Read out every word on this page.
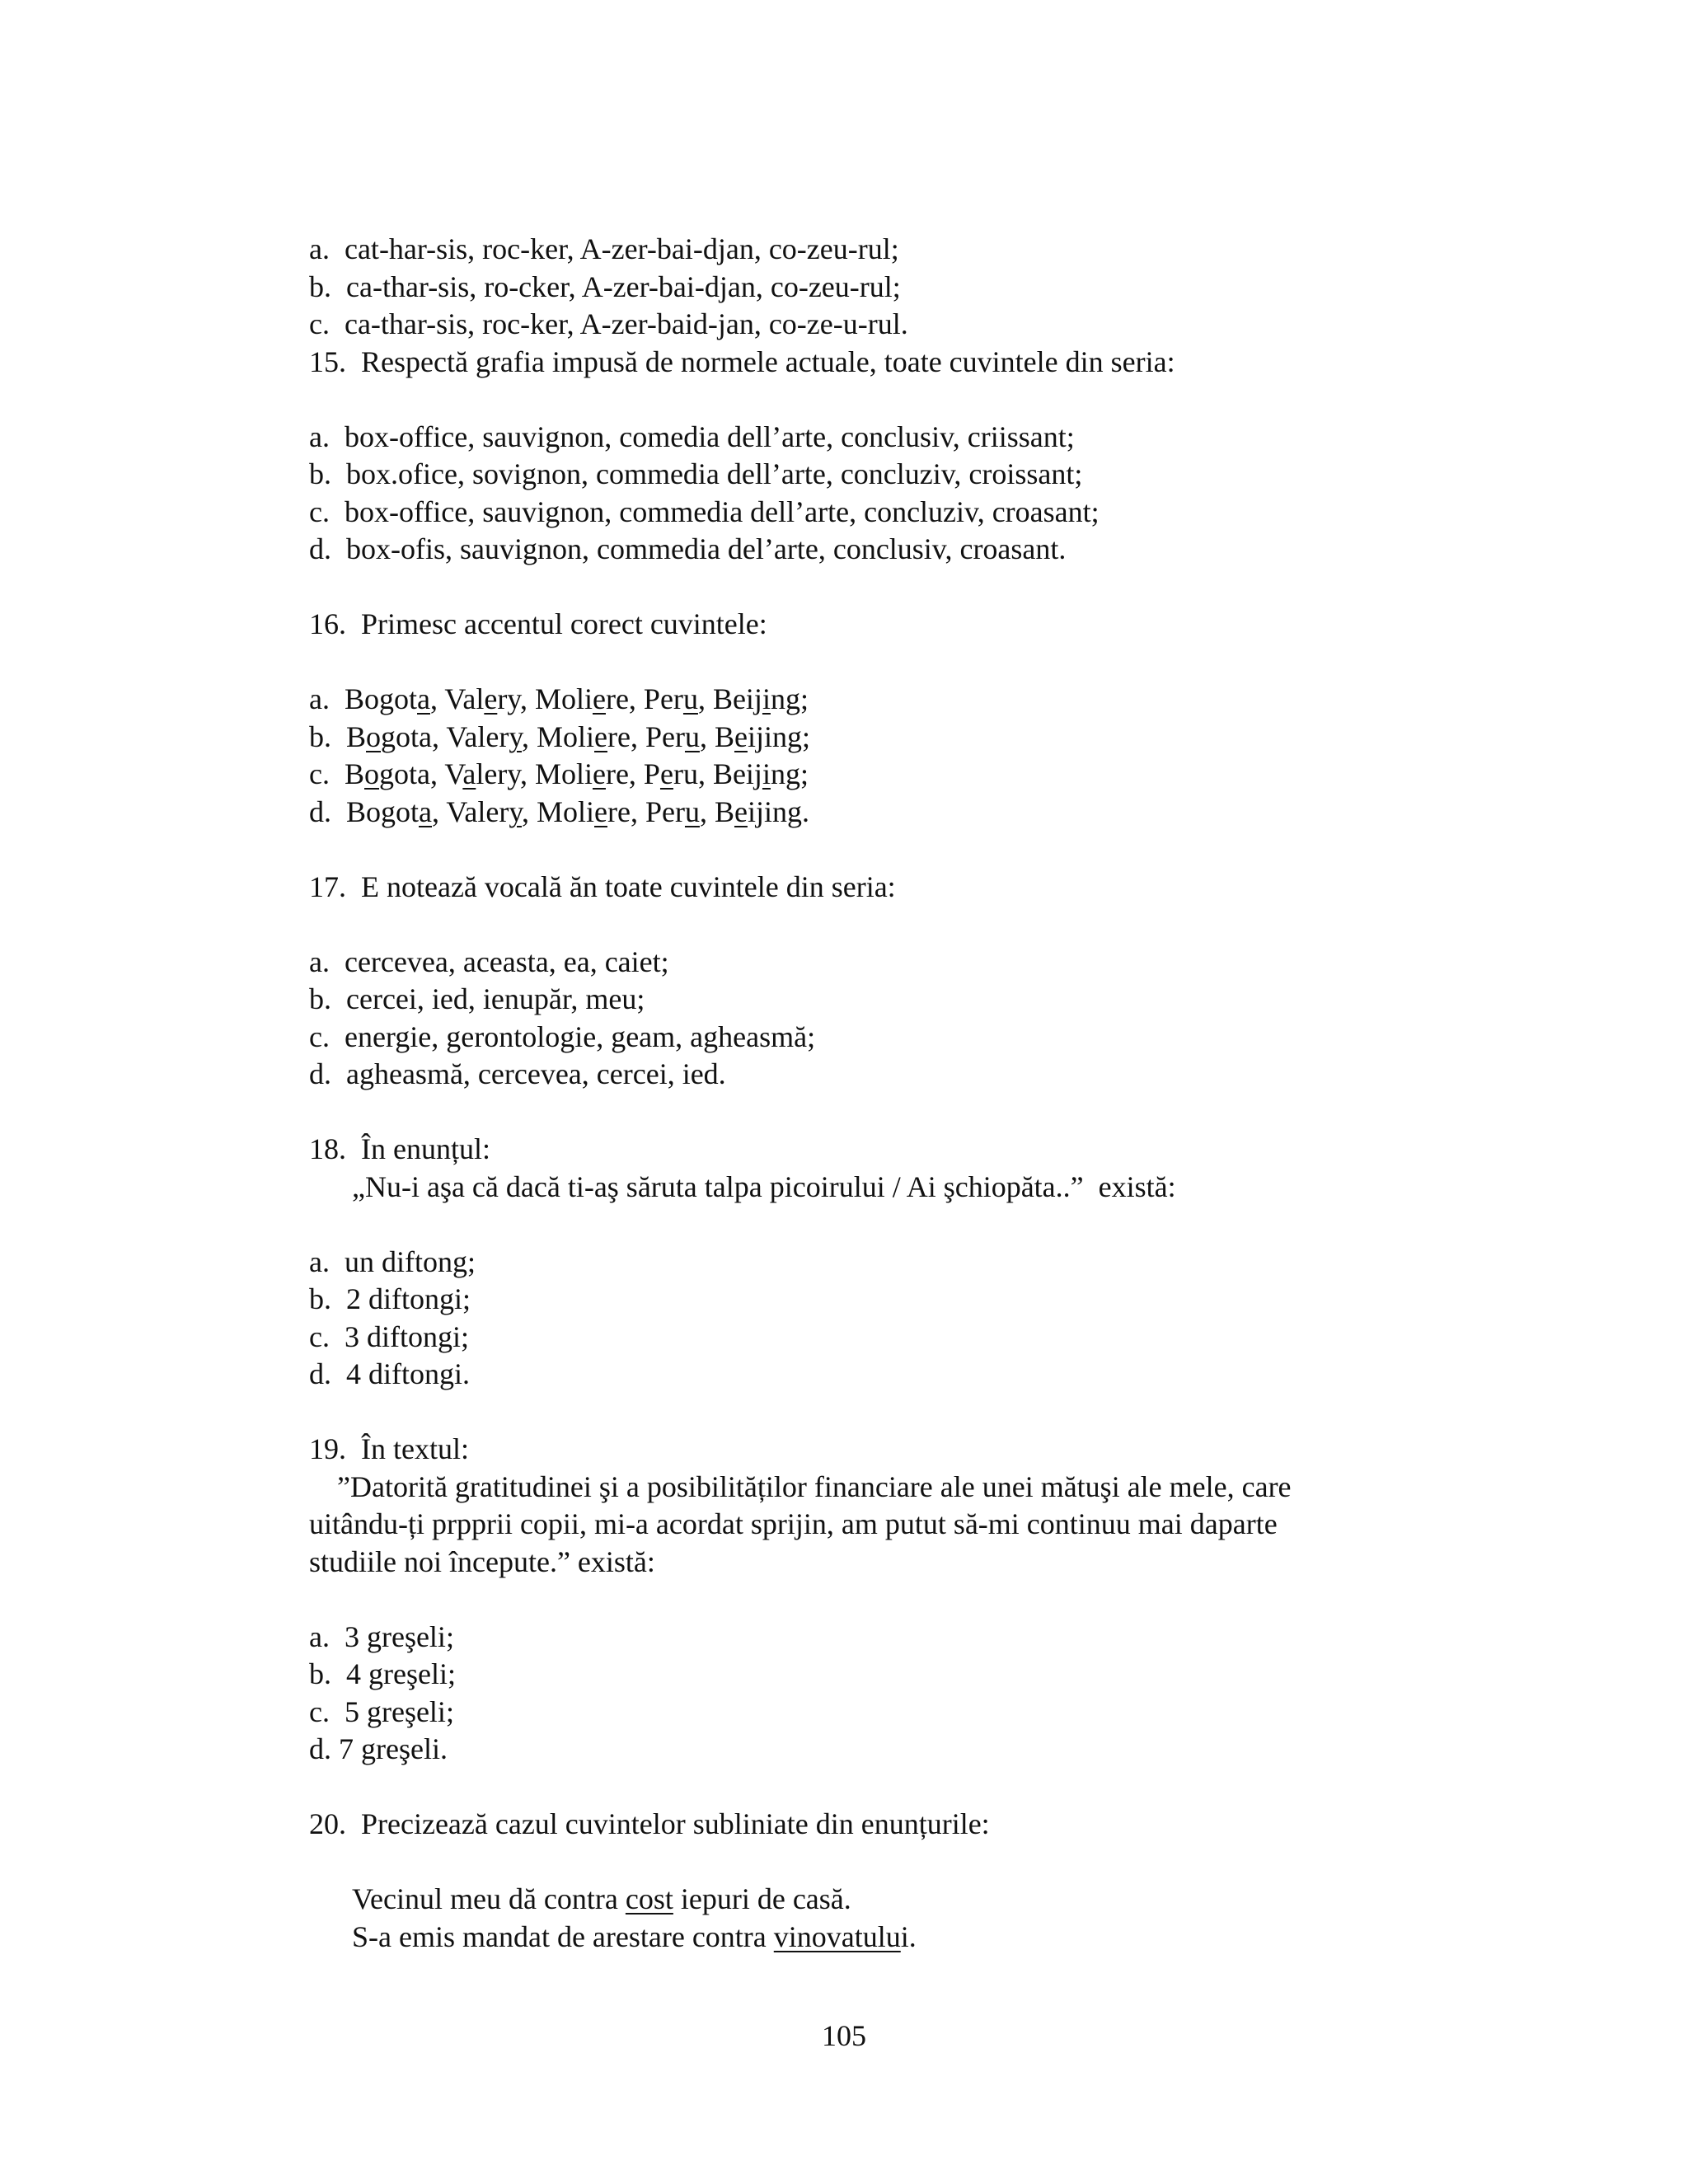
a.  cat-har-sis, roc-ker, A-zer-bai-djan, co-zeu-rul;
b.  ca-thar-sis, ro-cker, A-zer-bai-djan, co-zeu-rul;
c.  ca-thar-sis, roc-ker, A-zer-baid-jan, co-ze-u-rul.
15.  Respectă grafia impusă de normele actuale, toate cuvintele din seria:
a.  box-office, sauvignon, comedia dell’arte, conclusiv, criissant;
b.  box.ofice, sovignon, commedia dell’arte, concluziv, croissant;
c.  box-office, sauvignon, commedia dell’arte, concluziv, croasant;
d.  box-ofis, sauvignon, commedia del’arte, conclusiv, croasant.
16.  Primesc accentul corect cuvintele:
a.  Bogota, Valery, Moliere, Peru, Beijing;
b.  Bogota, Valery, Moliere, Peru, Beijing;
c.  Bogota, Valery, Moliere, Peru, Beijing;
d.  Bogota, Valery, Moliere, Peru, Beijing.
17.  E notează vocală ăn toate cuvintele din seria:
a.  cercevea, aceasta, ea, caiet;
b.  cercei, ied, ienupăr, meu;
c.  energie, gerontologie, geam, agheasmă;
d.  agheasmă, cercevea, cercei, ied.
18.  În enunțul:
„Nu-i aşa că dacă ti-aş săruta talpa picoirului / Ai şchiopăta..”  există:
a.  un diftong;
b.  2 diftongi;
c.  3 diftongi;
d.  4 diftongi.
19.  În textul:
”Datorită gratitudinei şi a posibilităților financiare ale unei mătuşi ale mele, care
uitându-ți prpprii copii, mi-a acordat sprijin, am putut să-mi continuu mai daparte
studiile noi începute.” există:
a.  3 greşeli;
b.  4 greşeli;
c.  5 greşeli;
d. 7 greşeli.
20.  Precizează cazul cuvintelor subliniate din enunțurile:
Vecinul meu dă contra cost iepuri de casă.
S-a emis mandat de arestare contra vinovatului.
105
